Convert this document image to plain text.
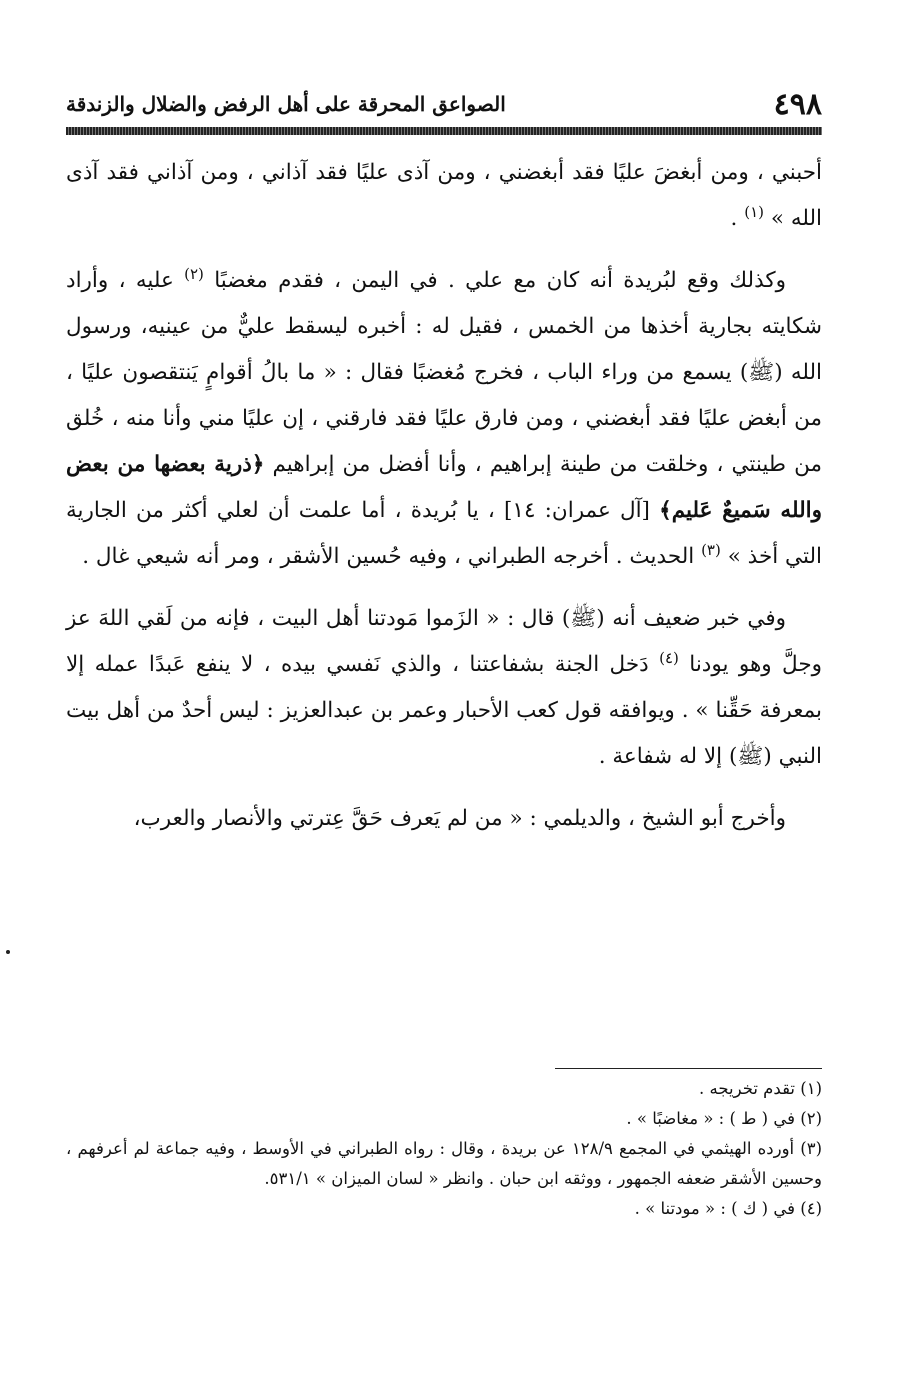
٤٩٨
الصواعق المحرقة على أهل الرفض والضلال والزندقة

أحبني ، ومن أبغضَ عليًا فقد أبغضني ، ومن آذى عليًا فقد آذاني ، ومن آذاني فقد آذى الله » $^{(١)}$ .

وكذلك وقع لبُريدة أنه كان مع علي . في اليمن ، فقدم مغضبًا $^{(٢)}$ عليه ، وأراد شكايته بجارية أخذها من الخمس ، فقيل له : أخبره ليسقط عليٌّ من عينيه، ورسول الله (ﷺ) يسمع من وراء الباب ، فخرج مُغضبًا فقال : « ما بالُ أقوامٍ يَنتقصون عليًا ، من أبغض عليًا فقد أبغضني ، ومن فارق عليًا فقد فارقني ، إن عليًا مني وأنا منه ، خُلق من طينتي ، وخلقت من طينة إبراهيم ، وأنا أفضل من إبراهيم ﴿ذرية بعضها من بعض والله سَميعٌ عَليم﴾ [آل عمران: ١٤] ، يا بُريدة ، أما علمت أن لعلي أكثر من الجارية التي أخذ » $^{(٣)}$ الحديث . أخرجه الطبراني ، وفيه حُسين الأشقر ، ومر أنه شيعي غال .

وفي خبر ضعيف أنه (ﷺ) قال : « الزَموا مَودتنا أهل البيت ، فإنه من لَقي اللهَ عز وجلَّ وهو يودنا $^{(٤)}$ دَخل الجنة بشفاعتنا ، والذي نَفسي بيده ، لا ينفع عَبدًا عمله إلا بمعرفة حَقِّنا » . ويوافقه قول كعب الأحبار وعمر بن عبدالعزيز : ليس أحدٌ من أهل بيت النبي (ﷺ) إلا له شفاعة .

وأخرج أبو الشيخ ، والديلمي : « من لم يَعرف حَقَّ عِترتي والأنصار والعرب،

(١) تقدم تخريجه .

(٢) في ( ط ) : « مغاضبًا » .

(٣) أورده الهيثمي في المجمع ١٢٨/٩ عن بريدة ، وقال : رواه الطبراني في الأوسط ، وفيه جماعة لم أعرفهم ، وحسين الأشقر ضعفه الجمهور ، ووثقه ابن حبان . وانظر « لسان الميزان » ٥٣١/١.

(٤) في ( ك ) : « مودتنا » .
